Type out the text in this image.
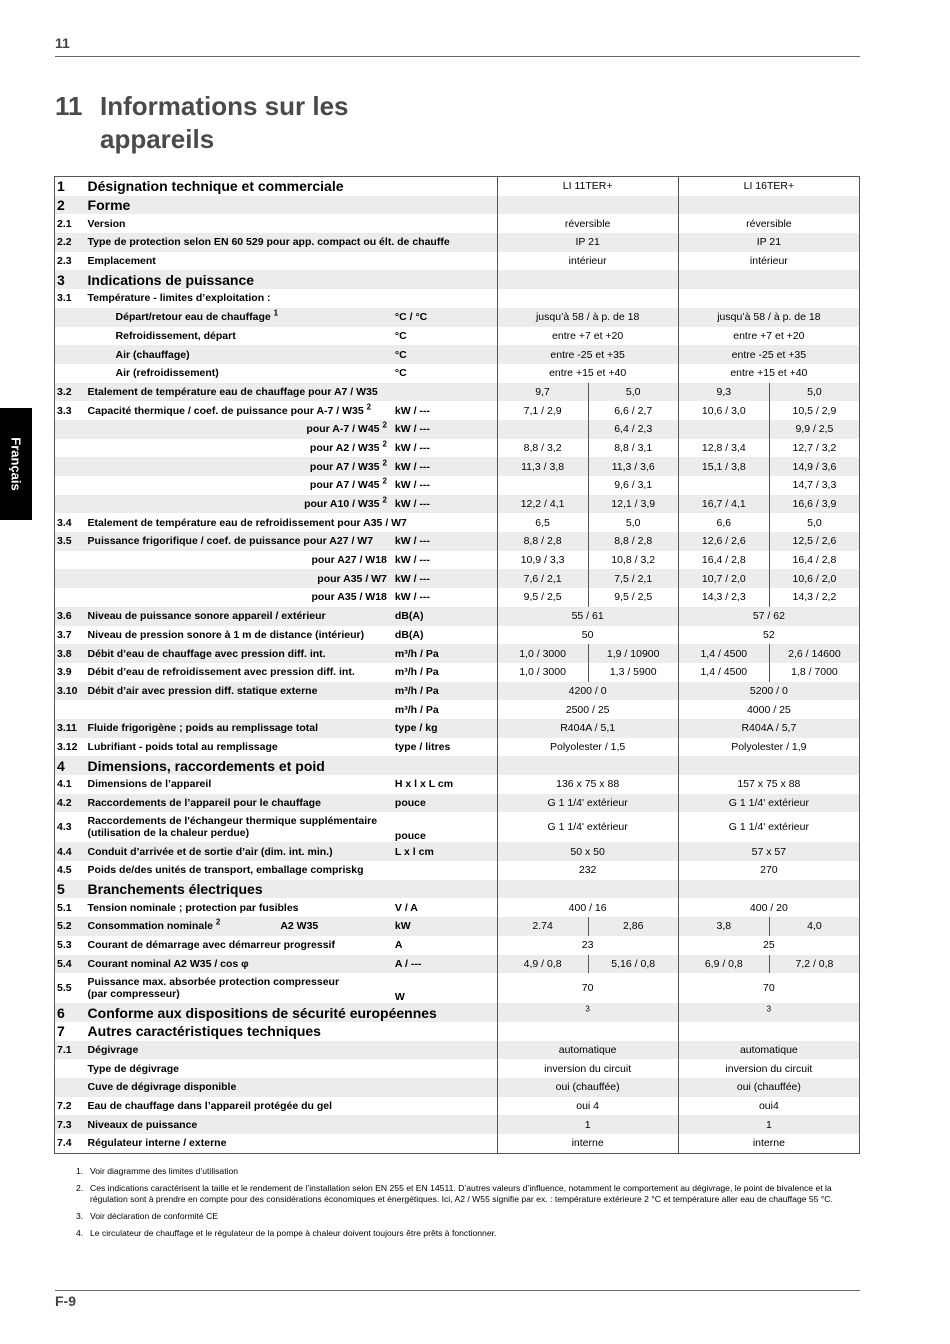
11
11 Informations sur les
appareils
Français
1	Désignation technique et commerciale		LI 11TER+		LI 16TER+	
2	Forme					
2.1	Version		réversible		réversible	
2.2	Type de protection selon EN 60 529 pour app. compact ou élt. de chauffe		IP 21		IP 21	
2.3	Emplacement		intérieur		intérieur	
3	Indications de puissance					
3.1	Température - limites d’exploitation :					
	Départ/retour eau de chauffage $^1$	°C / °C	jusqu’à 58 / à p. de 18		jusqu’à 58 / à p. de 18	
	Refroidissement, départ	°C	entre +7 et +20		entre +7 et +20	
	Air (chauffage)	°C	entre -25 et +35		entre -25 et +35	
	Air (refroidissement)	°C	entre +15 et +40		entre +15 et +40	
3.2	Etalement de température eau de chauffage pour A7 / W35		9,7	5,0	9,3	5,0
3.3	Capacité thermique / coef. de puissance pour A-7 / W35 $^2$	kW / ---	7,1 / 2,9	6,6 / 2,7	10,6 / 3,0	10,5 / 2,9
	pour A-7 / W45 $^2$	kW / ---		6,4 / 2,3		9,9 / 2,5
	pour A2 / W35 $^2$	kW / ---	8,8 / 3,2	8,8 / 3,1	12,8 / 3,4	12,7 / 3,2
	pour A7 / W35 $^2$	kW / ---	11,3 / 3,8	11,3 / 3,6	15,1 / 3,8	14,9 / 3,6
	pour A7 / W45 $^2$	kW / ---		9,6 / 3,1		14,7 / 3,3
	pour A10 / W35 $^2$	kW / ---	12,2 / 4,1	12,1 / 3,9	16,7 / 4,1	16,6 / 3,9
3.4	Etalement de température eau de refroidissement pour A35 / W7		6,5	5,0	6,6	5,0
3.5	Puissance frigorifique / coef. de puissance pour A27 / W7	kW / ---	8,8 / 2,8	8,8 / 2,8	12,6 / 2,6	12,5 / 2,6
	pour A27 / W18	kW / ---	10,9 / 3,3	10,8 / 3,2	16,4 / 2,8	16,4 / 2,8
	pour A35 / W7	kW / ---	7,6 / 2,1	7,5 / 2,1	10,7 / 2,0	10,6 / 2,0
	pour A35 / W18	kW / ---	9,5 / 2,5	9,5 / 2,5	14,3 / 2,3	14,3 / 2,2
3.6	Niveau de puissance sonore appareil / extérieur	dB(A)	55 / 61		57 / 62	
3.7	Niveau de pression sonore à 1 m de distance (intérieur)	dB(A)	50		52	
3.8	Débit d’eau de chauffage avec pression diff. int.	m³/h / Pa	1,0 / 3000	1,9 / 10900	1,4 / 4500	2,6 / 14600
3.9	Débit d’eau de refroidissement avec pression diff. int.	m³/h / Pa	1,0 / 3000	1,3 / 5900	1,4 / 4500	1,8 / 7000
3.10	Débit d’air avec pression diff. statique externe	m³/h / Pa	4200 / 0		5200 / 0	
		m³/h / Pa	2500 / 25		4000 / 25	
3.11	Fluide frigorigène ; poids au remplissage total	type / kg	R404A / 5,1		R404A / 5,7	
3.12	Lubrifiant - poids total au remplissage	type / litres	Polyolester / 1,5		Polyolester / 1,9	
4	Dimensions, raccordements et poid					
4.1	Dimensions de l’appareil	H x l x L cm	136 x 75 x 88		157 x 75 x 88	
4.2	Raccordements de l’appareil pour le chauffage	pouce	G 1 1/4' extérieur		G 1 1/4' extérieur	
4.3	Raccordements de l'échangeur thermique supplémentaire
(utilisation de la chaleur perdue)	pouce	G 1 1/4' extérieur		G 1 1/4' extérieur	
4.4	Conduit d’arrivée et de sortie d’air (dim. int. min.)	L x l cm	50 x 50		57 x 57	
4.5	Poids de/des unités de transport, emballage compriskg		232		270	
5	Branchements électriques					
5.1	Tension nominale ; protection par fusibles	V / A	400 / 16		400 / 20	
5.2	Consommation nominale $^2$ A2 W35	kW	2.74	2,86	3,8	4,0
5.3	Courant de démarrage avec démarreur progressif	A	23		25	
5.4	Courant nominal A2 W35 / cos φ	A / ---	4,9 / 0,8	5,16 / 0,8	6,9 / 0,8	7,2 / 0,8
5.5	Puissance max. absorbée protection compresseur
(par compresseur)	W	70		70	
6	Conforme aux dispositions de sécurité européennes		$^3$		$^3$
7	Autres caractéristiques techniques					
7.1	Dégivrage		automatique		automatique	
	Type de dégivrage		inversion du circuit		inversion du circuit	
	Cuve de dégivrage disponible		oui (chauffée)		oui (chauffée)	
7.2	Eau de chauffage dans l’appareil protégée du gel		oui 4		oui4	
7.3	Niveaux de puissance		1		1	
7.4	Régulateur interne / externe		interne		interne	
1. Voir diagramme des limites d’utilisation
2. Ces indications caractérisent la taille et le rendement de l’installation selon EN 255 et EN 14511. D’autres valeurs d’influence, notamment le comportement au dégivrage, le point de bivalence et la régulation sont à prendre en compte pour des considérations économiques et énergétiques. Ici, A2 / W55 signifie par ex. : température extérieure 2 °C et température aller eau de chauffage 55 °C.
3. Voir déclaration de conformité CE
4. Le circulateur de chauffage et le régulateur de la pompe à chaleur doivent toujours être prêts à fonctionner.
F-9
